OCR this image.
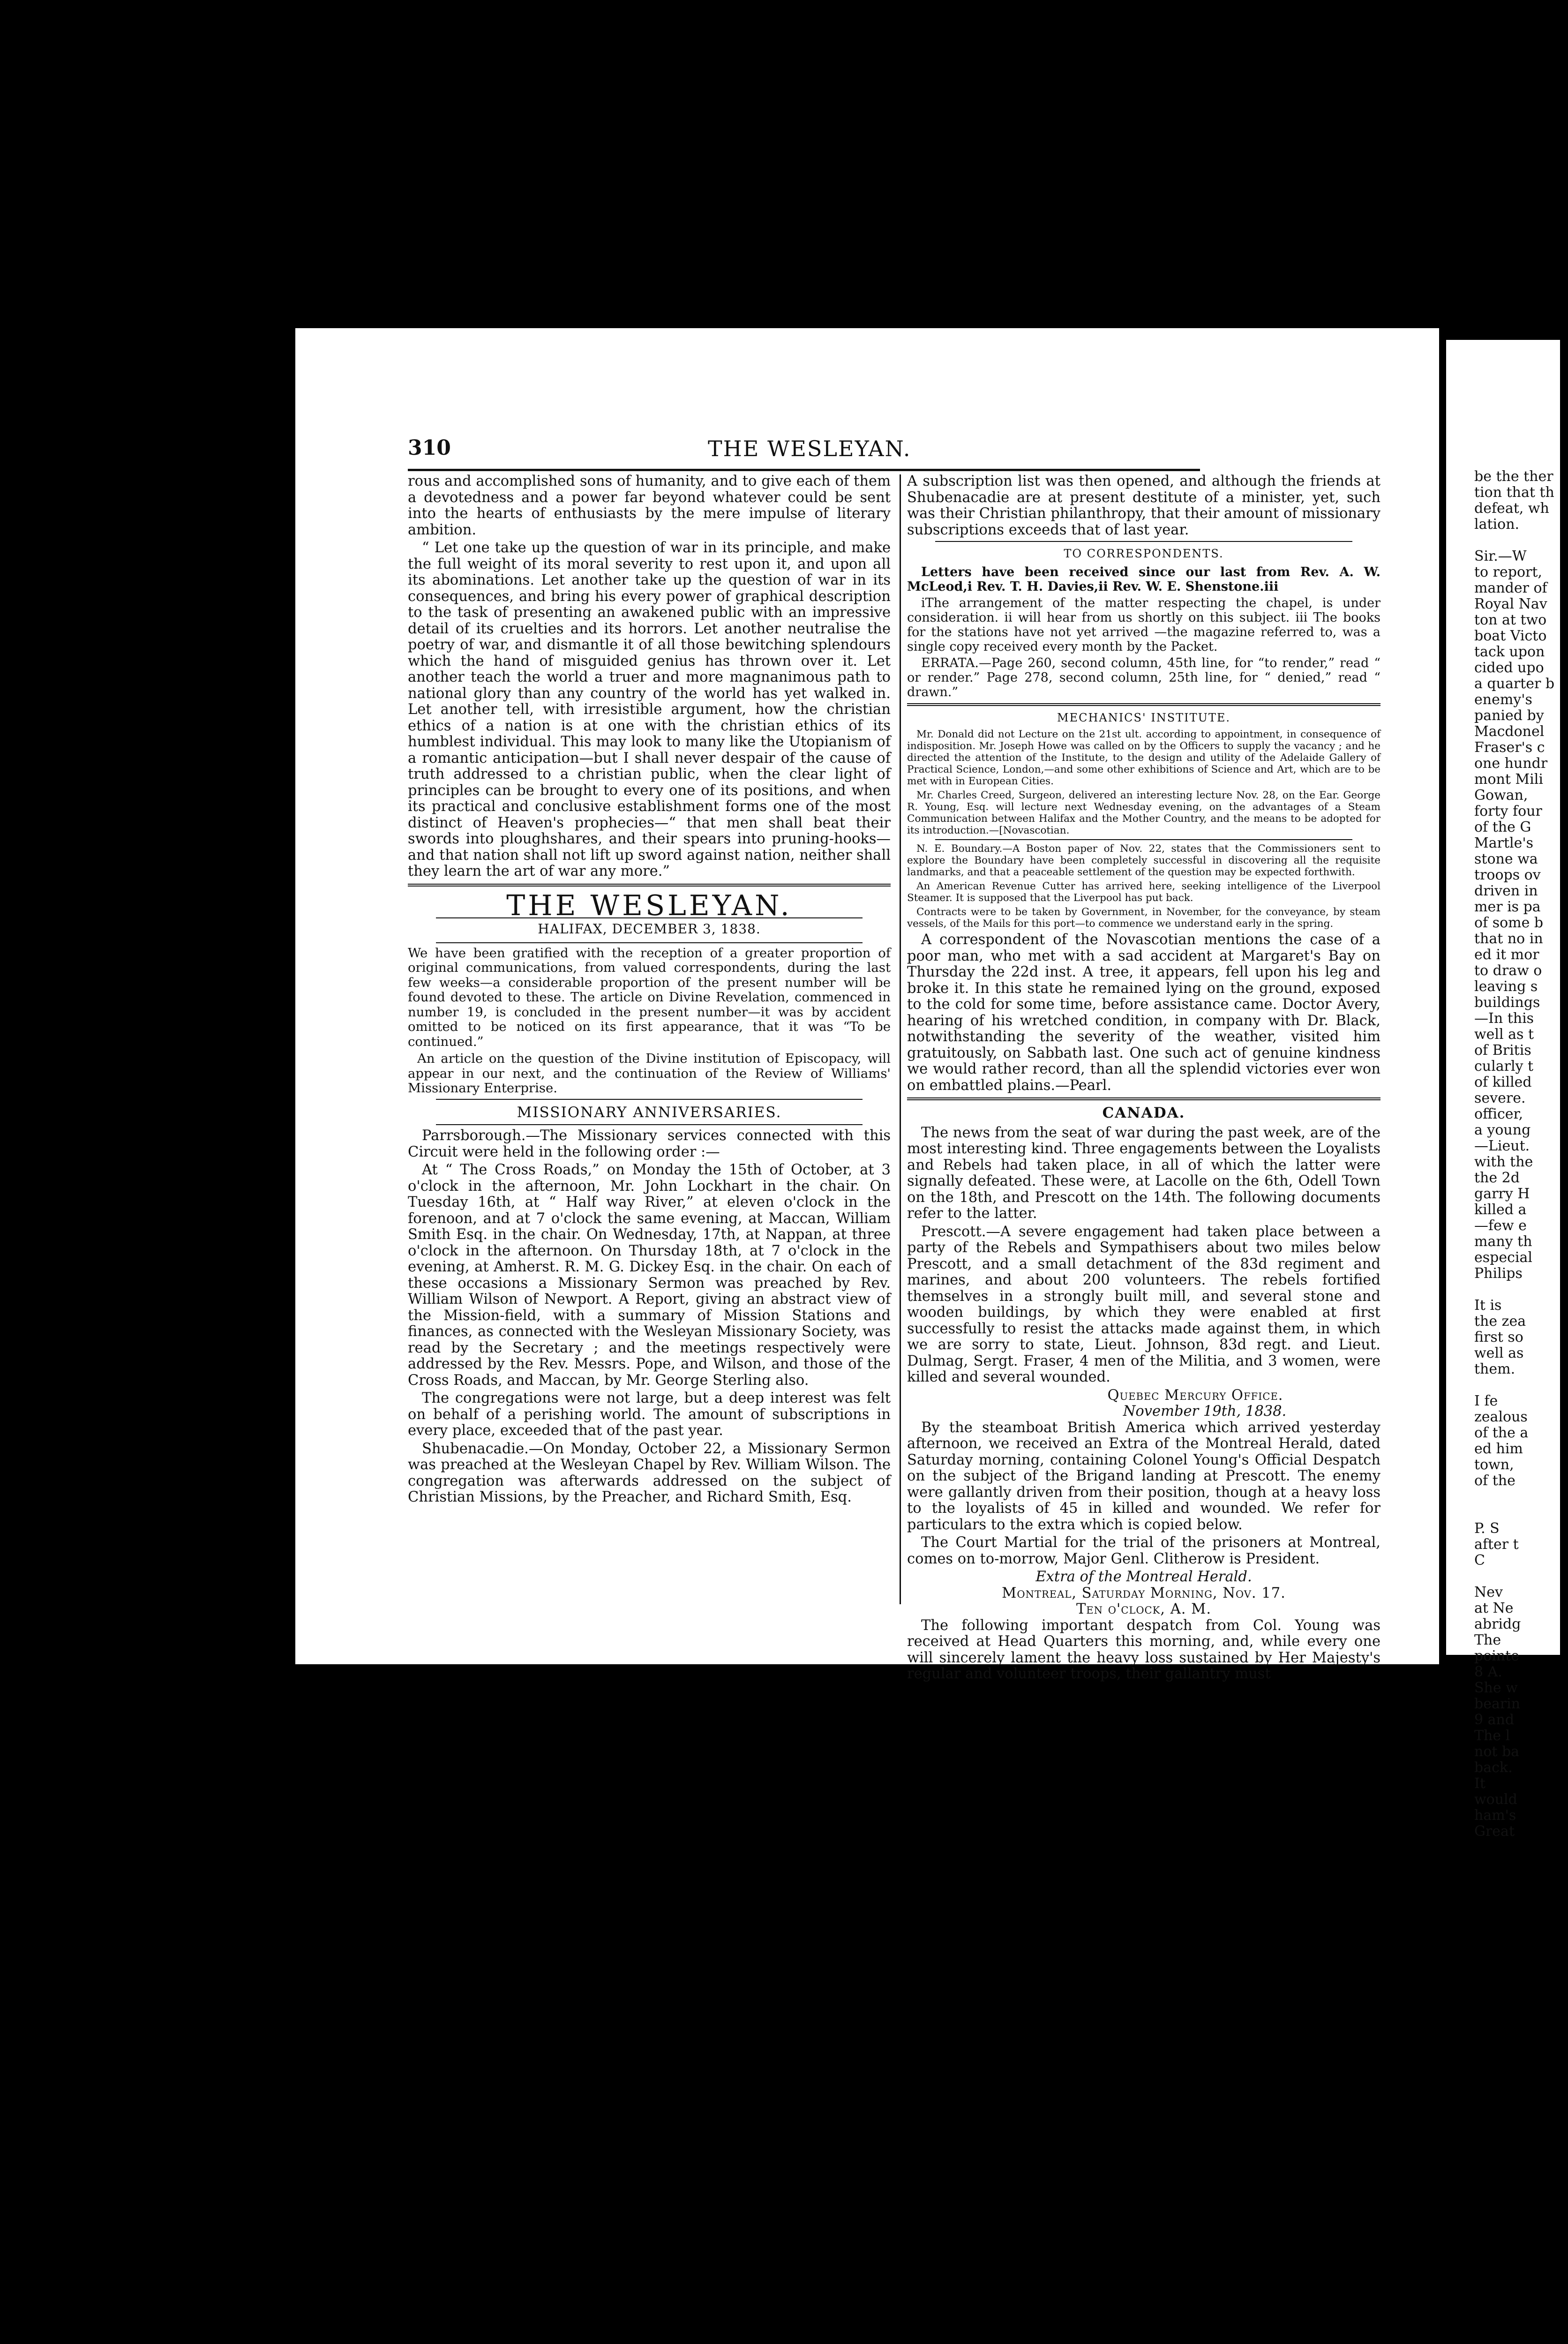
310	THE WESLEYAN.

rous and accomplished sons of humanity, and to give each of them a devotedness and a power far beyond whatever could be sent into the hearts of enthusiasts by the mere impulse of literary ambition.

“ Let one take up the question of war in its principle, and make the full weight of its moral severity to rest upon it, and upon all its abominations. Let another take up the question of war in its consequences, and bring his every power of graphical description to the task of presenting an awakened public with an impressive detail of its cruelties and its horrors. Let another neutralise the poetry of war, and dismantle it of all those bewitching splendours which the hand of misguided genius has thrown over it. Let another teach the world a truer and more magnanimous path to national glory than any country of the world has yet walked in. Let another tell, with irresistible argument, how the christian ethics of a nation is at one with the christian ethics of its humblest individual. This may look to many like the Utopianism of a romantic anticipation—but I shall never despair of the cause of truth addressed to a christian public, when the clear light of principles can be brought to every one of its positions, and when its practical and conclusive establishment forms one of the most distinct of Heaven's prophecies—“ that men shall beat their swords into ploughshares, and their spears into pruning-hooks—and that nation shall not lift up sword against nation, neither shall they learn the art of war any more.”

THE WESLEYAN.
HALIFAX, DECEMBER 3, 1838.

We have been gratified with the reception of a greater proportion of original communications, from valued correspondents, during the last few weeks—a considerable proportion of the present number will be found devoted to these. The article on Divine Revelation, commenced in number 19, is concluded in the present number—it was by accident omitted to be noticed on its first appearance, that it was “To be continued.”

An article on the question of the Divine institution of Episcopacy, will appear in our next, and the continuation of the Review of Williams' Missionary Enterprise.

MISSIONARY ANNIVERSARIES.

Parrsborough.—The Missionary services connected with this Circuit were held in the following order :—

At “ The Cross Roads,” on Monday the 15th of October, at 3 o'clock in the afternoon, Mr. John Lockhart in the chair. On Tuesday 16th, at “ Half way River,” at eleven o'clock in the forenoon, and at 7 o'clock the same evening, at Maccan, William Smith Esq. in the chair. On Wednesday, 17th, at Nappan, at three o'clock in the afternoon. On Thursday 18th, at 7 o'clock in the evening, at Amherst. R. M. G. Dickey Esq. in the chair. On each of these occasions a Missionary Sermon was preached by Rev. William Wilson of Newport. A Report, giving an abstract view of the Mission-field, with a summary of Mission Stations and finances, as connected with the Wesleyan Missionary Society, was read by the Secretary ; and the meetings respectively were addressed by the Rev. Messrs. Pope, and Wilson, and those of the Cross Roads, and Maccan, by Mr. George Sterling also.

The congregations were not large, but a deep interest was felt on behalf of a perishing world. The amount of subscriptions in every place, exceeded that of the past year.

Shubenacadie.—On Monday, October 22, a Missionary Sermon was preached at the Wesleyan Chapel by Rev. William Wilson. The congregation was afterwards addressed on the subject of Christian Missions, by the Preacher, and Richard Smith, Esq.

A subscription list was then opened, and although the friends at Shubenacadie are at present destitute of a minister, yet, such was their Christian philanthropy, that their amount of missionary subscriptions exceeds that of last year.

TO CORRESPONDENTS.

Letters have been received since our last from Rev. A. W. McLeod,i Rev. T. H. Davies,ii Rev. W. E. Shenstone.iii

iThe arrangement of the matter respecting the chapel, is under consideration. ii will hear from us shortly on this subject. iii The books for the stations have not yet arrived —the magazine referred to, was a single copy received every month by the Packet.

ERRATA.—Page 260, second column, 45th line, for “to render,” read “ or render.” Page 278, second column, 25th line, for “ denied,” read “ drawn.”

MECHANICS' INSTITUTE.

Mr. Donald did not Lecture on the 21st ult. according to appointment, in consequence of indisposition. Mr. Joseph Howe was called on by the Officers to supply the vacancy ; and he directed the attention of the Institute, to the design and utility of the Adelaide Gallery of Practical Science, London,—and some other exhibitions of Science and Art, which are to be met with in European Cities.

Mr. Charles Creed, Surgeon, delivered an interesting lecture Nov. 28, on the Ear. George R. Young, Esq. will lecture next Wednesday evening, on the advantages of a Steam Communication between Halifax and the Mother Country, and the means to be adopted for its introduction.—[Novascotian.

N. E. Boundary.—A Boston paper of Nov. 22, states that the Commissioners sent to explore the Boundary have been completely successful in discovering all the requisite landmarks, and that a peaceable settlement of the question may be expected forthwith.

An American Revenue Cutter has arrived here, seeking intelligence of the Liverpool Steamer. It is supposed that the Liverpool has put back.

Contracts were to be taken by Government, in November, for the conveyance, by steam vessels, of the Mails for this port—to commence we understand early in the spring.

A correspondent of the Novascotian mentions the case of a poor man, who met with a sad accident at Margaret's Bay on Thursday the 22d inst. A tree, it appears, fell upon his leg and broke it. In this state he remained lying on the ground, exposed to the cold for some time, before assistance came. Doctor Avery, hearing of his wretched condition, in company with Dr. Black, notwithstanding the severity of the weather, visited him gratuitously, on Sabbath last. One such act of genuine kindness we would rather record, than all the splendid victories ever won on embattled plains.—Pearl.

CANADA.

The news from the seat of war during the past week, are of the most interesting kind. Three engagements between the Loyalists and Rebels had taken place, in all of which the latter were signally defeated. These were, at Lacolle on the 6th, Odell Town on the 18th, and Prescott on the 14th. The following documents refer to the latter.

Prescott.—A severe engagement had taken place between a party of the Rebels and Sympathisers about two miles below Prescott, and a small detachment of the 83d regiment and marines, and about 200 volunteers. The rebels fortified themselves in a strongly built mill, and several stone and wooden buildings, by which they were enabled at first successfully to resist the attacks made against them, in which we are sorry to state, Lieut. Johnson, 83d regt. and Lieut. Dulmag, Sergt. Fraser, 4 men of the Militia, and 3 women, were killed and several wounded.

Quebec Mercury Office.
November 19th, 1838.

By the steamboat British America which arrived yesterday afternoon, we received an Extra of the Montreal Herald, dated Saturday morning, containing Colonel Young's Official Despatch on the subject of the Brigand landing at Prescott. The enemy were gallantly driven from their position, though at a heavy loss to the loyalists of 45 in killed and wounded. We refer for particulars to the extra which is copied below.

The Court Martial for the trial of the prisoners at Montreal, comes on to-morrow, Major Genl. Clitherow is President.

Extra of the Montreal Herald.
Montreal, Saturday Morning, Nov. 17.
Ten o'clock, A. M.

The following important despatch from Col. Young was received at Head Quarters this morning, and, while every one will sincerely lament the heavy loss sustained by Her Majesty's regular and volunteer troops, their gallantry must

be the ther

tion that th

defeat, wh

lation.

Sir.—W

to report,

mander of

Royal Nav

ton at two

boat Victo

tack upon

cided upo

a quarter b

enemy's

panied by

Macdonel

Fraser's c

one hundr

mont Mili

Gowan,

forty four

of the G

Martle's

stone wa

troops ov

driven in

mer is pa

of some b

that no in

ed it mor

to draw o

leaving s

buildings

—In this

well as t

of Britis

cularly t

of killed

severe.

officer,

a young

—Lieut.

with the

the 2d

garry H

killed a

—few e

many th

especial

Philips

It is

the zea

first so

well as

them.

I fe

zealous

of the a

ed him

town,

of the

P. S

after t

C

Nev

at Ne

abridg

The

pointe

8 A.

She w

bearin

9 and

The l

not ba

back.

It

would

ham's

Great
